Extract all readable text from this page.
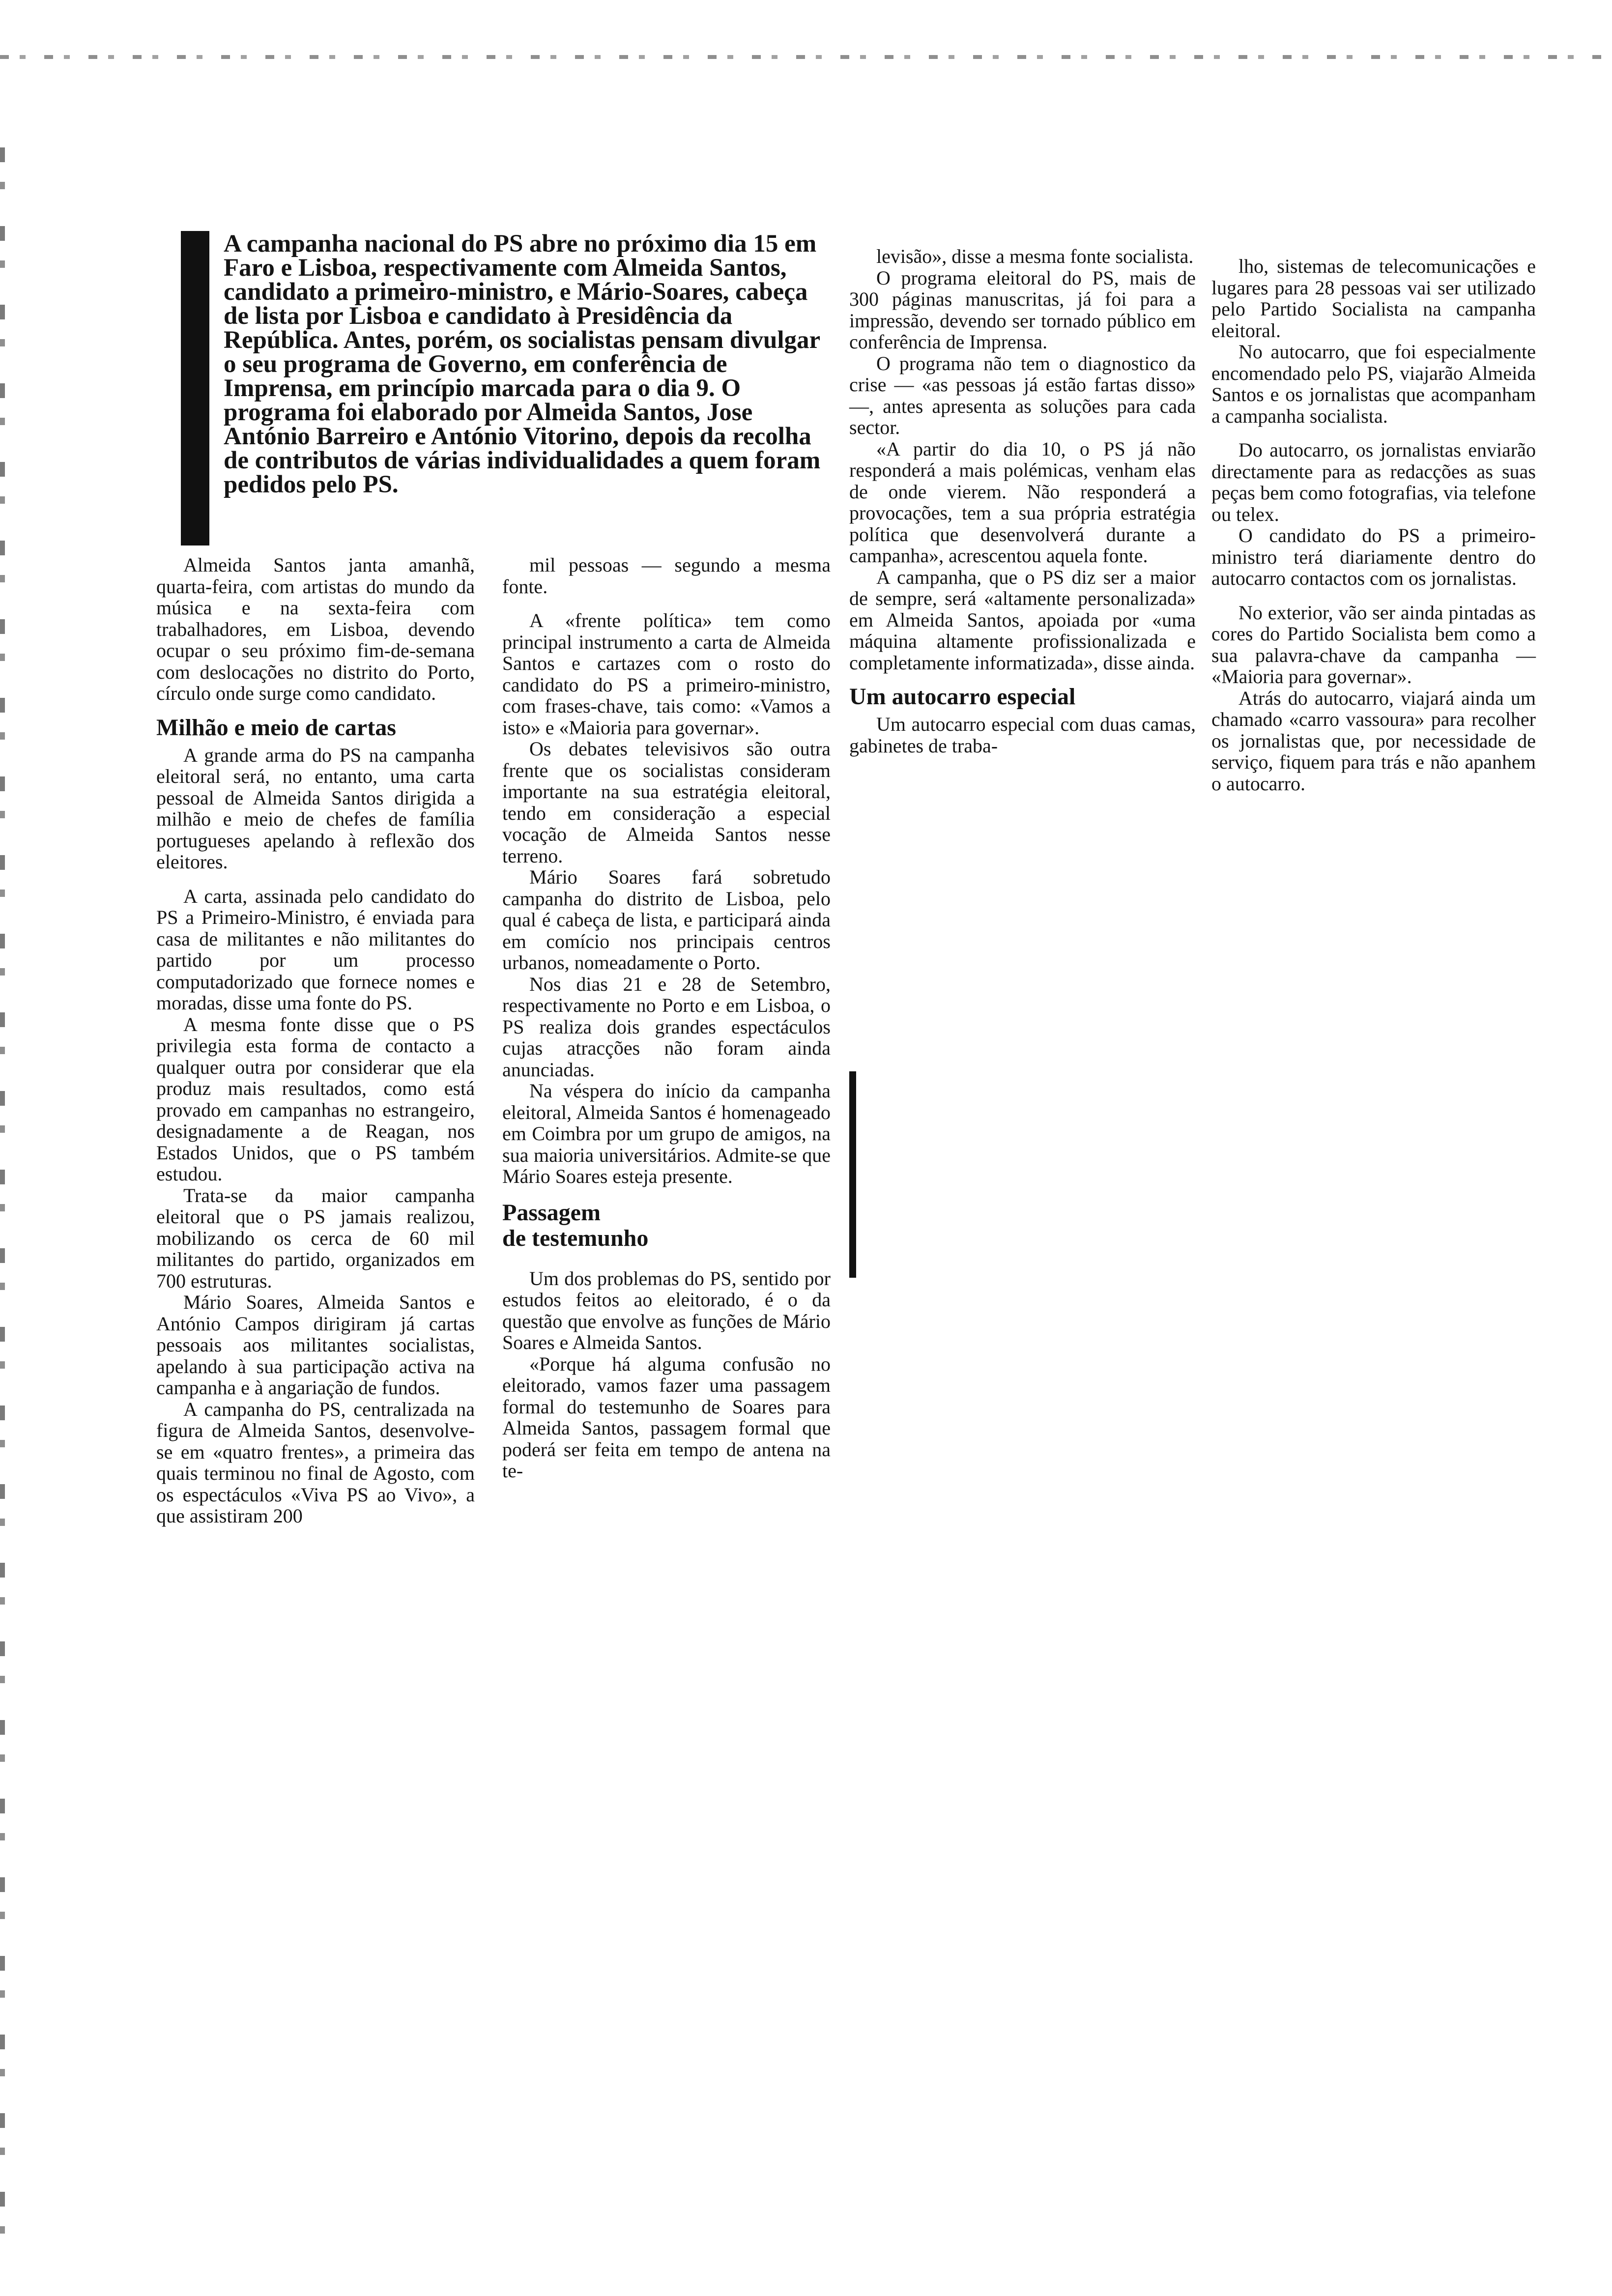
A campanha nacional do PS abre no próximo dia 15 em Faro e Lisboa, respectivamente com Almeida Santos, candidato a primeiro-ministro, e Mário-Soares, cabeça de lista por Lisboa e candidato à Presidência da República. Antes, porém, os socialistas pensam divulgar o seu programa de Governo, em conferência de Imprensa, em princípio marcada para o dia 9. O programa foi elaborado por Almeida Santos, Jose António Barreiro e António Vitorino, depois da recolha de contributos de várias individualidades a quem foram pedidos pelo PS.

Almeida Santos janta amanhã, quarta-feira, com artistas do mundo da música e na sexta-feira com trabalhadores, em Lisboa, devendo ocupar o seu próximo fim-de-semana com deslocações no distrito do Porto, círculo onde surge como candidato.

Milhão e meio de cartas

A grande arma do PS na campanha eleitoral será, no entanto, uma carta pessoal de Almeida Santos dirigida a milhão e meio de chefes de família portugueses apelando à reflexão dos eleitores.

A carta, assinada pelo candidato do PS a Primeiro-Ministro, é enviada para casa de militantes e não militantes do partido por um processo computadorizado que fornece nomes e moradas, disse uma fonte do PS.

A mesma fonte disse que o PS privilegia esta forma de contacto a qualquer outra por considerar que ela produz mais resultados, como está provado em campanhas no estrangeiro, designadamente a de Reagan, nos Estados Unidos, que o PS também estudou.

Trata-se da maior campanha eleitoral que o PS jamais realizou, mobilizando os cerca de 60 mil militantes do partido, organizados em 700 estruturas.

Mário Soares, Almeida Santos e António Campos dirigiram já cartas pessoais aos militantes socialistas, apelando à sua participação activa na campanha e à angariação de fundos.

A campanha do PS, centralizada na figura de Almeida Santos, desenvolve-se em «quatro frentes», a primeira das quais terminou no final de Agosto, com os espectáculos «Viva PS ao Vivo», a que assistiram 200

mil pessoas — segundo a mesma fonte.

A «frente política» tem como principal instrumento a carta de Almeida Santos e cartazes com o rosto do candidato do PS a primeiro-ministro, com frases-chave, tais como: «Vamos a isto» e «Maioria para governar».

Os debates televisivos são outra frente que os socialistas consideram importante na sua estratégia eleitoral, tendo em consideração a especial vocação de Almeida Santos nesse terreno.

Mário Soares fará sobretudo campanha do distrito de Lisboa, pelo qual é cabeça de lista, e participará ainda em comício nos principais centros urbanos, nomeadamente o Porto.

Nos dias 21 e 28 de Setembro, respectivamente no Porto e em Lisboa, o PS realiza dois grandes espectáculos cujas atracções não foram ainda anunciadas.

Na véspera do início da campanha eleitoral, Almeida Santos é homenageado em Coimbra por um grupo de amigos, na sua maioria universitários. Admite-se que Mário Soares esteja presente.

Passagem
de testemunho

Um dos problemas do PS, sentido por estudos feitos ao eleitorado, é o da questão que envolve as funções de Mário Soares e Almeida Santos.

«Porque há alguma confusão no eleitorado, vamos fazer uma passagem formal do testemunho de Soares para Almeida Santos, passagem formal que poderá ser feita em tempo de antena na te-

levisão», disse a mesma fonte socialista.

O programa eleitoral do PS, mais de 300 páginas manuscritas, já foi para a impressão, devendo ser tornado público em conferência de Imprensa.

O programa não tem o diagnostico da crise — «as pessoas já estão fartas disso» —, antes apresenta as soluções para cada sector.

«A partir do dia 10, o PS já não responderá a mais polémicas, venham elas de onde vierem. Não responderá a provocações, tem a sua própria estratégia política que desenvolverá durante a campanha», acrescentou aquela fonte.

A campanha, que o PS diz ser a maior de sempre, será «altamente personalizada» em Almeida Santos, apoiada por «uma máquina altamente profissionalizada e completamente informatizada», disse ainda.

Um autocarro especial

Um autocarro especial com duas camas, gabinetes de traba-

lho, sistemas de telecomunicações e lugares para 28 pessoas vai ser utilizado pelo Partido Socialista na campanha eleitoral.

No autocarro, que foi especialmente encomendado pelo PS, viajarão Almeida Santos e os jornalistas que acompanham a campanha socialista.

Do autocarro, os jornalistas enviarão directamente para as redacções as suas peças bem como fotografias, via telefone ou telex.

O candidato do PS a primeiro-ministro terá diariamente dentro do autocarro contactos com os jornalistas.

No exterior, vão ser ainda pintadas as cores do Partido Socialista bem como a sua palavra-chave da campanha — «Maioria para governar».

Atrás do autocarro, viajará ainda um chamado «carro vassoura» para recolher os jornalistas que, por necessidade de serviço, fiquem para trás e não apanhem o autocarro.
